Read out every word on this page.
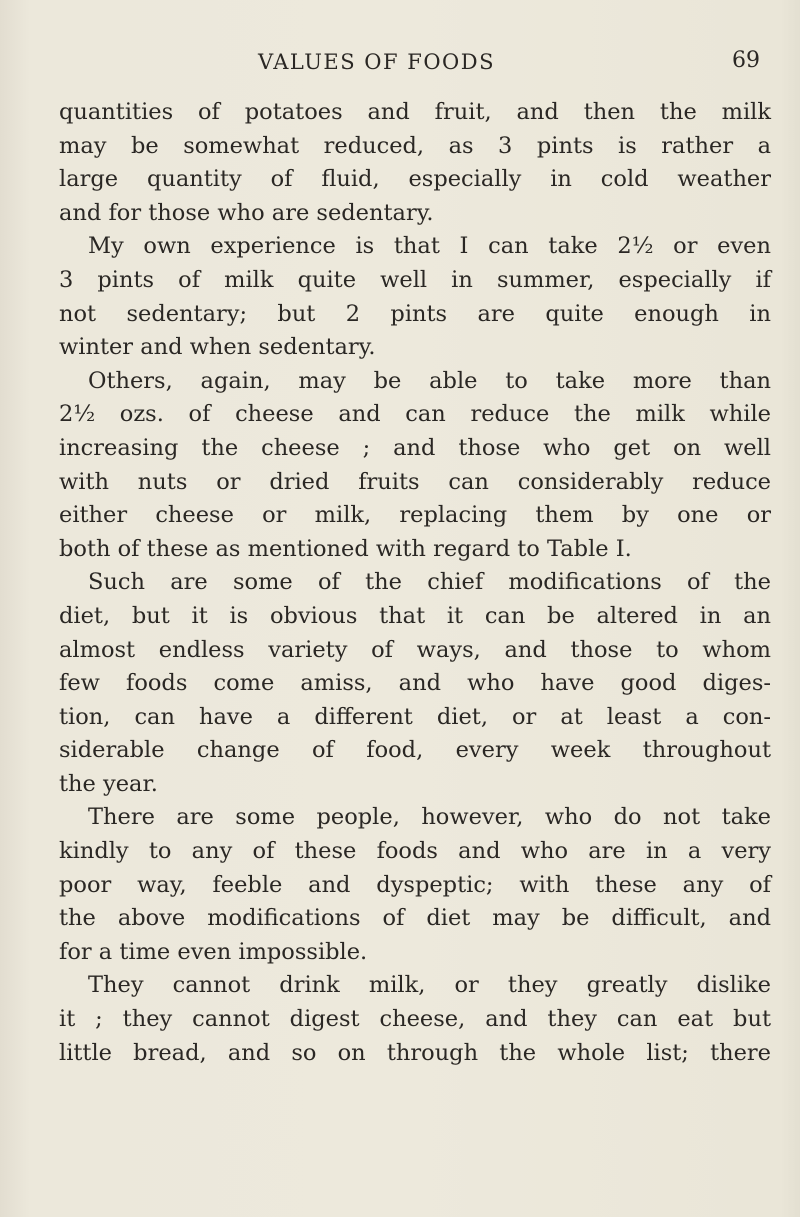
VALUES OF FOODS	69
quantities of potatoes and fruit, and then the milk
may be somewhat reduced, as 3 pints is rather a
large quantity of fluid, especially in cold weather
and for those who are sedentary.
My own experience is that I can take 2½ or even
3 pints of milk quite well in summer, especially if
not sedentary; but 2 pints are quite enough in
winter and when sedentary.
Others, again, may be able to take more than
2½ ozs. of cheese and can reduce the milk while
increasing the cheese ; and those who get on well
with nuts or dried fruits can considerably reduce
either cheese or milk, replacing them by one or
both of these as mentioned with regard to Table I.
Such are some of the chief modifications of the
diet, but it is obvious that it can be altered in an
almost endless variety of ways, and those to whom
few foods come amiss, and who have good diges-
tion, can have a different diet, or at least a con-
siderable change of food, every week throughout
the year.
There are some people, however, who do not take
kindly to any of these foods and who are in a very
poor way, feeble and dyspeptic; with these any of
the above modifications of diet may be difficult, and
for a time even impossible.
They cannot drink milk, or they greatly dislike
it ; they cannot digest cheese, and they can eat but
little bread, and so on through the whole list; there
